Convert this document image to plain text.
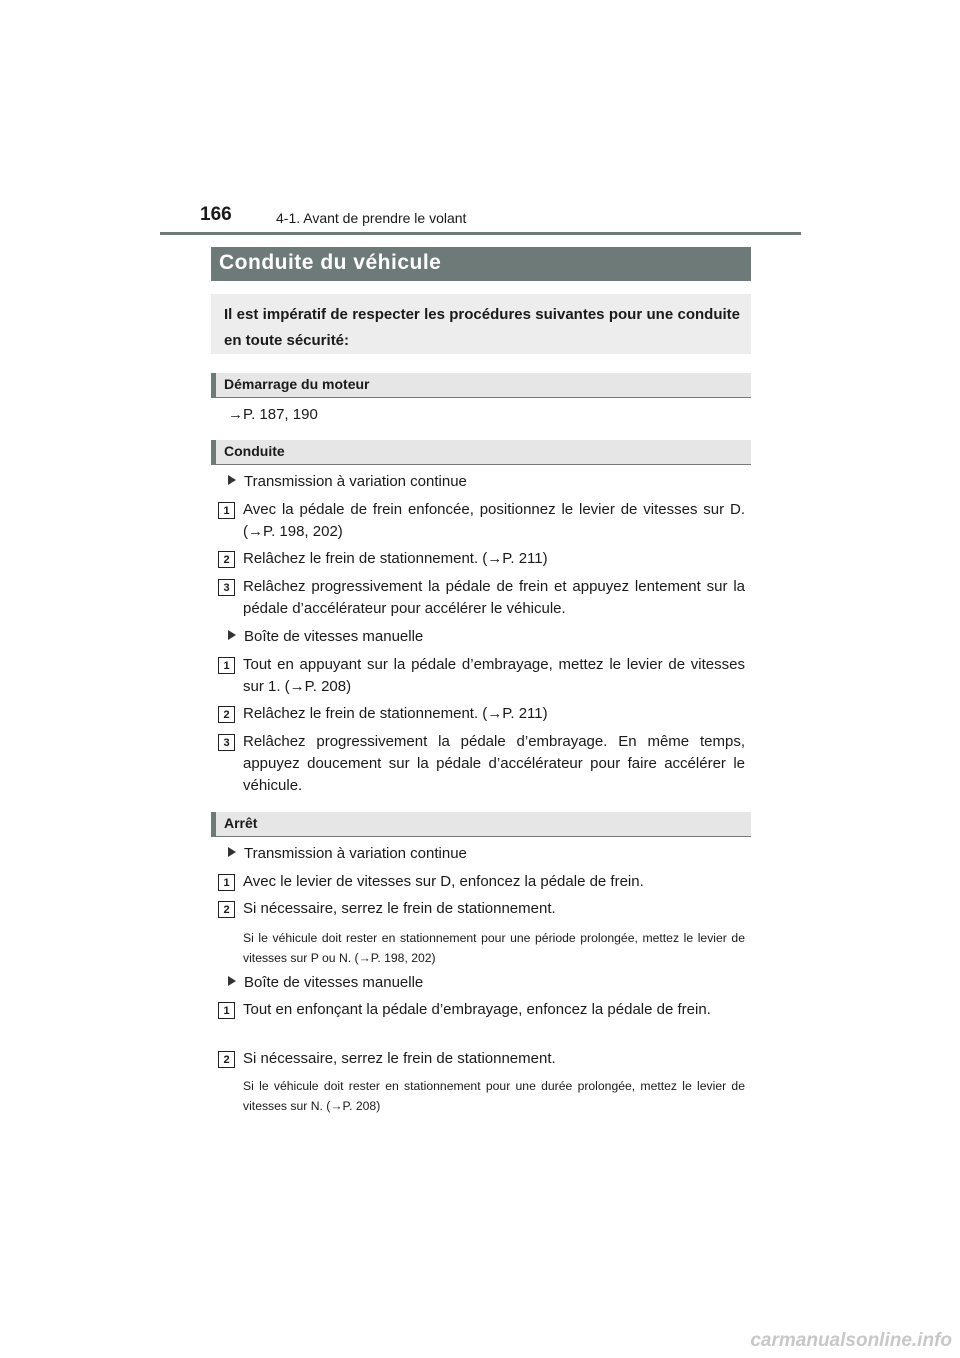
166	4-1. Avant de prendre le volant
Conduite du véhicule
Il est impératif de respecter les procédures suivantes pour une conduite en toute sécurité:
Démarrage du moteur
→P. 187, 190
Conduite
Transmission à variation continue
1 Avec la pédale de frein enfoncée, positionnez le levier de vitesses sur D. (→P. 198, 202)
2 Relâchez le frein de stationnement. (→P. 211)
3 Relâchez progressivement la pédale de frein et appuyez lentement sur la pédale d’accélérateur pour accélérer le véhicule.
Boîte de vitesses manuelle
1 Tout en appuyant sur la pédale d’embrayage, mettez le levier de vitesses sur 1. (→P. 208)
2 Relâchez le frein de stationnement. (→P. 211)
3 Relâchez progressivement la pédale d’embrayage. En même temps, appuyez doucement sur la pédale d’accélérateur pour faire accélérer le véhicule.
Arrêt
Transmission à variation continue
1 Avec le levier de vitesses sur D, enfoncez la pédale de frein.
2 Si nécessaire, serrez le frein de stationnement.
Si le véhicule doit rester en stationnement pour une période prolongée, mettez le levier de vitesses sur P ou N. (→P. 198, 202)
Boîte de vitesses manuelle
1 Tout en enfonçant la pédale d’embrayage, enfoncez la pédale de frein.
2 Si nécessaire, serrez le frein de stationnement.
Si le véhicule doit rester en stationnement pour une durée prolongée, mettez le levier de vitesses sur N. (→P. 208)
carmanualsonline.info
